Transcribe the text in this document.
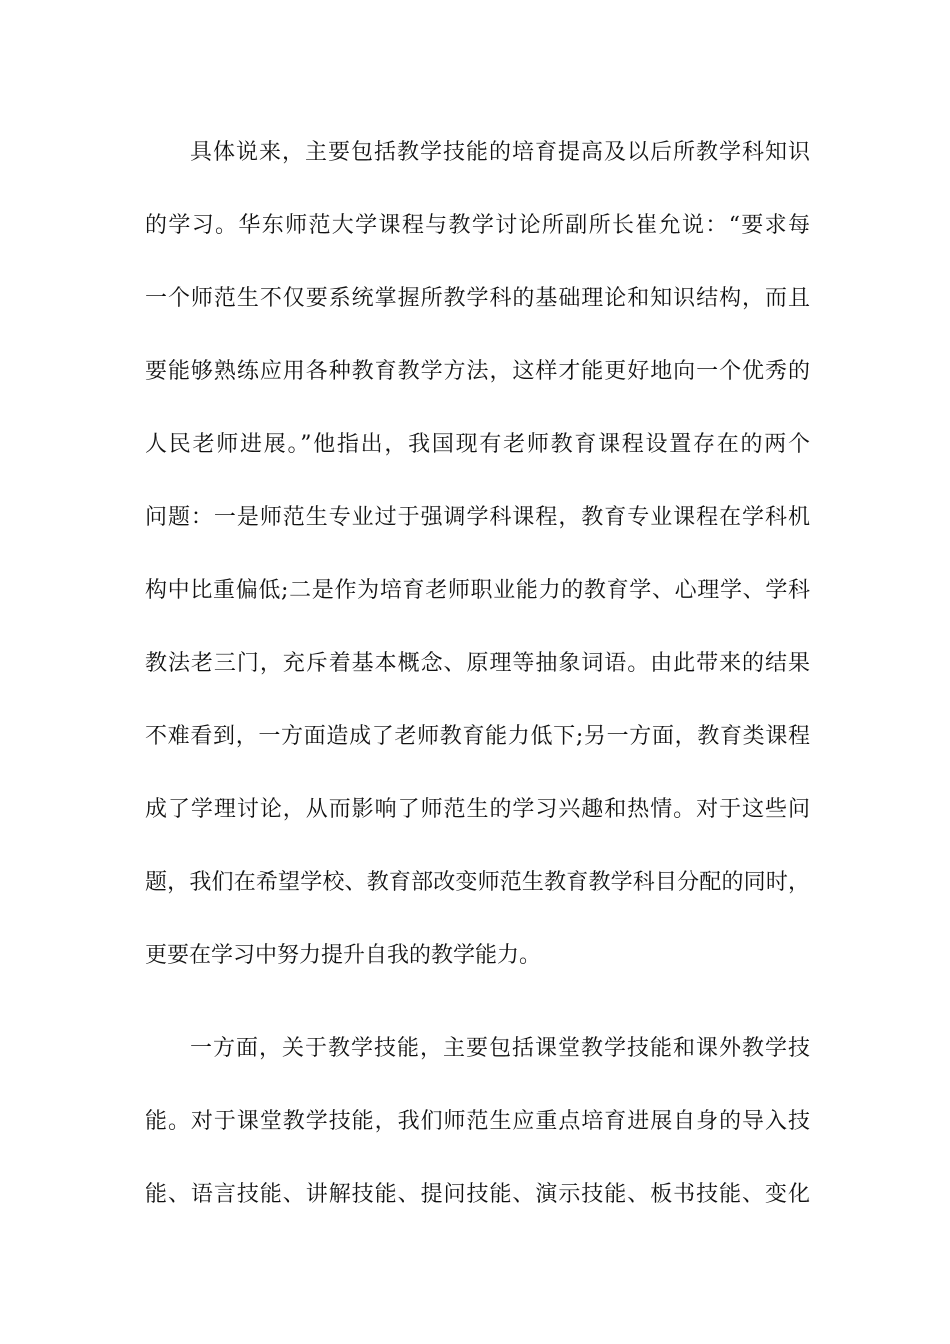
具体说来，主要包括教学技能的培育提高及以后所教学科知识
的学习。华东师范大学课程与教学讨论所副所长崔允说：“要求每
一个师范生不仅要系统掌握所教学科的基础理论和知识结构，而且
要能够熟练应用各种教育教学方法，这样才能更好地向一个优秀的
人民老师进展。”他指出，我国现有老师教育课程设置存在的两个
问题：一是师范生专业过于强调学科课程，教育专业课程在学科机
构中比重偏低;二是作为培育老师职业能力的教育学、心理学、学科
教法老三门，充斥着基本概念、原理等抽象词语。由此带来的结果
不难看到，一方面造成了老师教育能力低下;另一方面，教育类课程
成了学理讨论，从而影响了师范生的学习兴趣和热情。对于这些问
题，我们在希望学校、教育部改变师范生教育教学科目分配的同时，
更要在学习中努力提升自我的教学能力。
一方面，关于教学技能，主要包括课堂教学技能和课外教学技
能。对于课堂教学技能，我们师范生应重点培育进展自身的导入技
能、语言技能、讲解技能、提问技能、演示技能、板书技能、变化
